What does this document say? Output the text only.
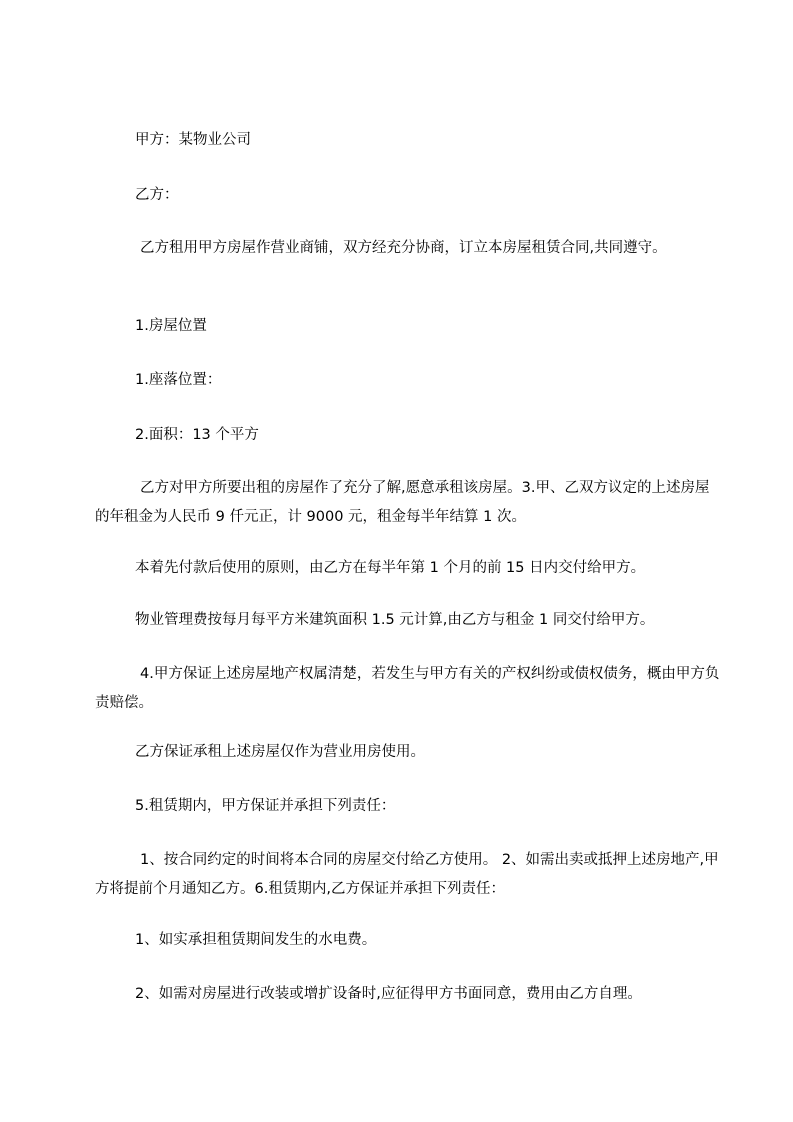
甲方：某物业公司

乙方：

乙方租用甲方房屋作营业商铺，双方经充分协商，订立本房屋租赁合同,共同遵守。

1.房屋位置

1.座落位置：

2.面积：13 个平方

乙方对甲方所要出租的房屋作了充分了解,愿意承租该房屋。3.甲、乙双方议定的上述房屋的年租金为人民币 9 仟元正，计 9000 元，租金每半年结算 1 次。

本着先付款后使用的原则，由乙方在每半年第 1 个月的前 15 日内交付给甲方。

物业管理费按每月每平方米建筑面积 1.5 元计算,由乙方与租金 1 同交付给甲方。

4.甲方保证上述房屋地产权属清楚，若发生与甲方有关的产权纠纷或债权债务，概由甲方负责赔偿。

乙方保证承租上述房屋仅作为营业用房使用。

5.租赁期内，甲方保证并承担下列责任：

1、按合同约定的时间将本合同的房屋交付给乙方使用。 2、如需出卖或抵押上述房地产,甲方将提前个月通知乙方。6.租赁期内,乙方保证并承担下列责任：

1、如实承担租赁期间发生的水电费。

2、如需对房屋进行改装或增扩设备时,应征得甲方书面同意，费用由乙方自理。
